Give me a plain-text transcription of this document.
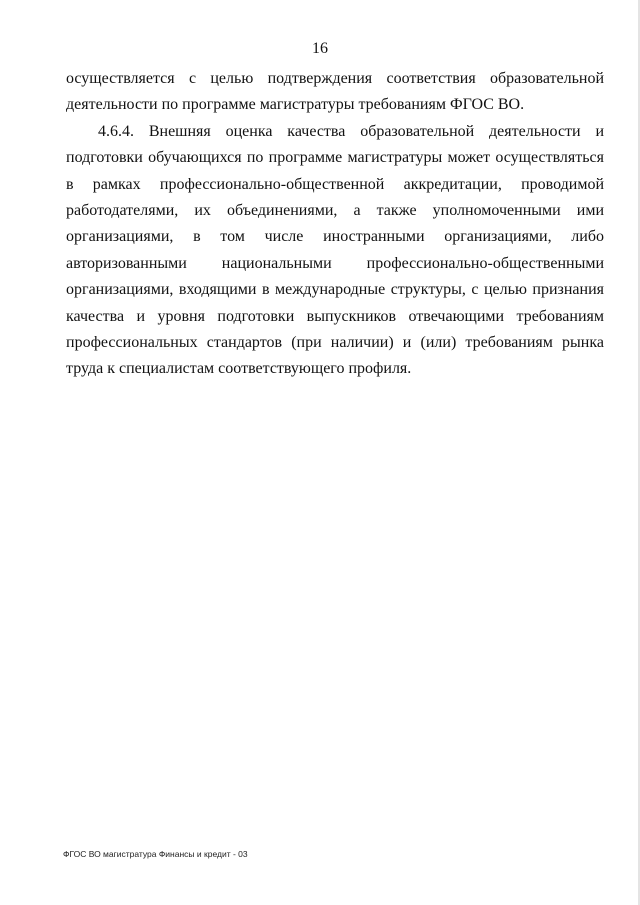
16

осуществляется с целью подтверждения соответствия образовательной деятельности по программе магистратуры требованиям ФГОС ВО.

4.6.4. Внешняя оценка качества образовательной деятельности и подготовки обучающихся по программе магистратуры может осуществляться в рамках профессионально-общественной аккредитации, проводимой работодателями, их объединениями, а также уполномоченными ими организациями, в том числе иностранными организациями, либо авторизованными национальными профессионально-общественными организациями, входящими в международные структуры, с целью признания качества и уровня подготовки выпускников отвечающими требованиям профессиональных стандартов (при наличии) и (или) требованиям рынка труда к специалистам соответствующего профиля.

ФГОС ВО магистратура Финансы и кредит - 03
